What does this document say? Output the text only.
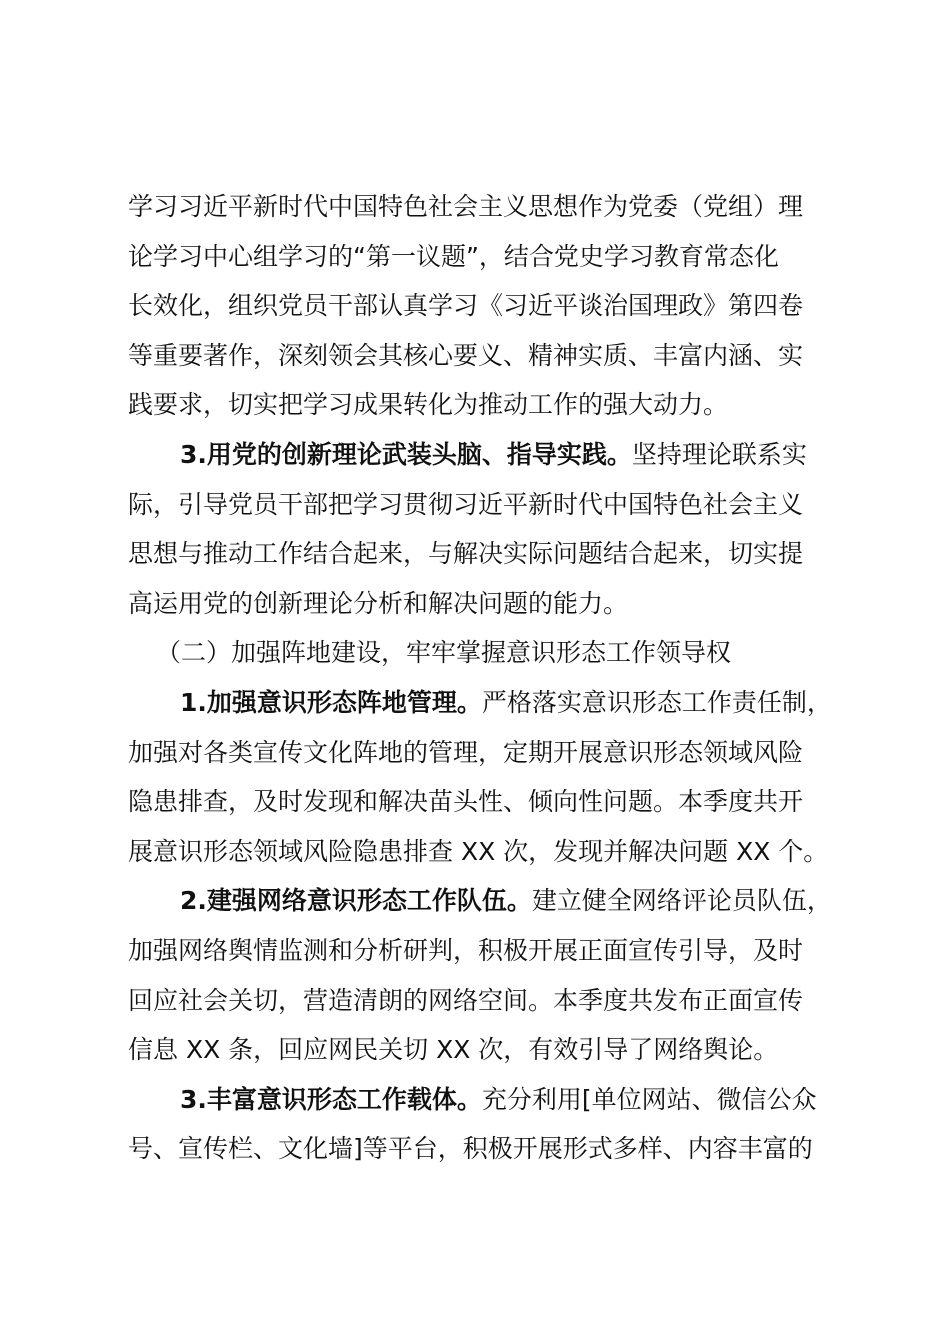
学习习近平新时代中国特色社会主义思想作为党委（党组）理
论学习中心组学习的“第一议题”，结合党史学习教育常态化
长效化，组织党员干部认真学习《习近平谈治国理政》第四卷
等重要著作，深刻领会其核心要义、精神实质、丰富内涵、实
践要求，切实把学习成果转化为推动工作的强大动力。
3.用党的创新理论武装头脑、指导实践。坚持理论联系实
际，引导党员干部把学习贯彻习近平新时代中国特色社会主义
思想与推动工作结合起来，与解决实际问题结合起来，切实提
高运用党的创新理论分析和解决问题的能力。
（二）加强阵地建设，牢牢掌握意识形态工作领导权
1.加强意识形态阵地管理。严格落实意识形态工作责任制，
加强对各类宣传文化阵地的管理，定期开展意识形态领域风险
隐患排查，及时发现和解决苗头性、倾向性问题。本季度共开
展意识形态领域风险隐患排查 XX 次，发现并解决问题 XX 个。
2.建强网络意识形态工作队伍。建立健全网络评论员队伍，
加强网络舆情监测和分析研判，积极开展正面宣传引导，及时
回应社会关切，营造清朗的网络空间。本季度共发布正面宣传
信息 XX 条，回应网民关切 XX 次，有效引导了网络舆论。
3.丰富意识形态工作载体。充分利用[单位网站、微信公众
号、宣传栏、文化墙]等平台，积极开展形式多样、内容丰富的
